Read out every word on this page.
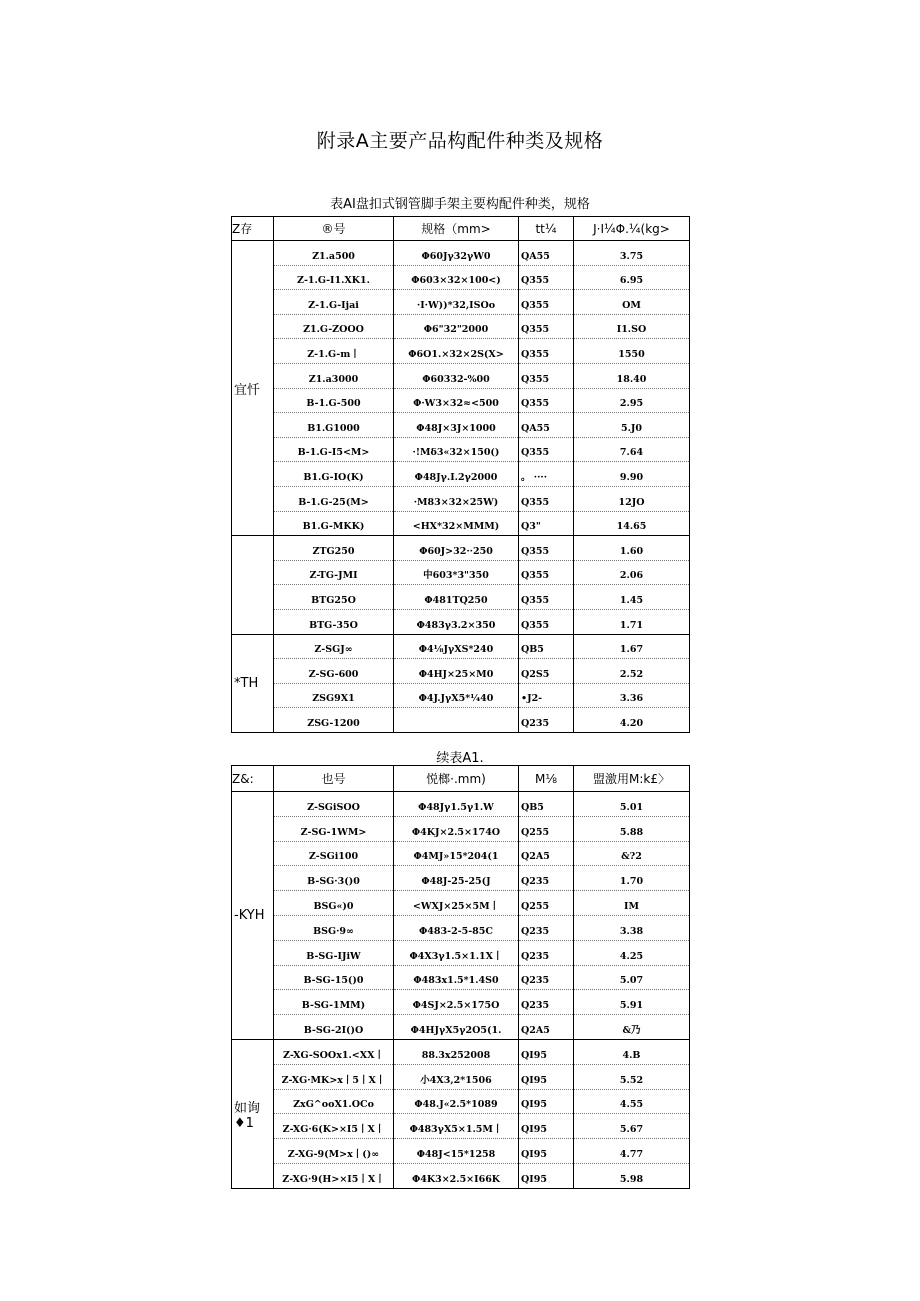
附录A主要产品构配件种类及规格
表AI盘扣式钢管脚手架主要构配件种类，规格
Z存	®号	规格（mm>	tt¼	J·I¼Φ.¼(kg>
宜忏	Z1.a500	Φ60Jγ32γW0	QA55	3.75
	Z-1.G-I1.XK1.	Φ603×32×100<)	Q355	6.95
	Z-1.G-Ijai	·I·W))*32,ISOo	Q355	OM
	Z1.G-ZOOO	Φ6"32"2000	Q355	I1.SO
	Z-1.G-m丨	Φ6O1.×32×2S(X>	Q355	1550
	Z1.a3000	Φ60332-%00	Q355	18.40
	B-1.G-500	Φ·W3×32≈<500	Q355	2.95
	B1.G1000	Φ48J×3J×1000	QA55	5.J0
	B-1.G-I5<M>	·!Mδ3«32×150()	Q355	7.64
	B1.G-IO(K)	Φ48Jγ.I.2γ2000	。 ····	9.90
	B-1.G-25(M>	·M83×32×25W)	Q355	12JO
	B1.G-MKK)	<HX*32×MMM)	Q3"	14.65
	ZTG250	Φ60J>32··250	Q355	1.60
	Z-TG-JMI	中603*3"350	Q355	2.06
	BTG25O	Φ481TQ250	Q355	1.45
	BTG-35O	Φ483γ3.2×350	Q355	1.71
*TH	Z-SGJ∞	Φ4⅛JγXS*240	QB5	1.67
	Z-SG-600	Φ4HJ×25×M0	Q2S5	2.52
	ZSG9X1	Φ4J.JγX5*¼40	•J2-	3.36
	ZSG-1200		Q235	4.20
续表A1.
Z&:	也号	悦榔·.mm)	M⅛	盟激用M:k£〉
-KYH	Z-SGiSOO	Φ48Jγ1.5γ1.W	QB5	5.01
	Z-SG-1WM>	Φ4KJ×2.5×174O	Q255	5.88
	Z-SGi100	Φ4MJ»15*204(1	Q2A5	&?2
	B-SG·3()0	Φ48J-25-25(J	Q235	1.70
	BSG«)0	<WXJ×25×5M丨	Q255	IM
	BSG·9∞	Φ483-2-5-85C	Q235	3.38
	B-SG-IJiW	Φ4X3γ1.5×1.1X丨	Q235	4.25
	B-SG-15()0	Φ483x1.5*1.4S0	Q235	5.07
	B-SG-1MM)	Φ4SJ×2.5×175O	Q235	5.91
	B-SG-2I()O	Φ4HJγX5γ2O5(1.	Q2A5	&乃
如询
♦1	Z-XG-SOOx1.<XX丨	88.3x252008	QI95	4.B
	Z-XG·MK>x丨5丨X丨	小4X3,2*1506	QI95	5.52
	ZxG^ooX1.OCo	Φ48.J«2.5*1089	QI95	4.55
	Z-XG·6(K>×I5丨X丨	Φ483γX5×1.5M丨	QI95	5.67
	Z-XG-9(M>x丨()∞	Φ48J<15*1258	QI95	4.77
	Z-XG·9(H>×I5丨X丨	Φ4K3×2.5×I66K	QI95	5.98
